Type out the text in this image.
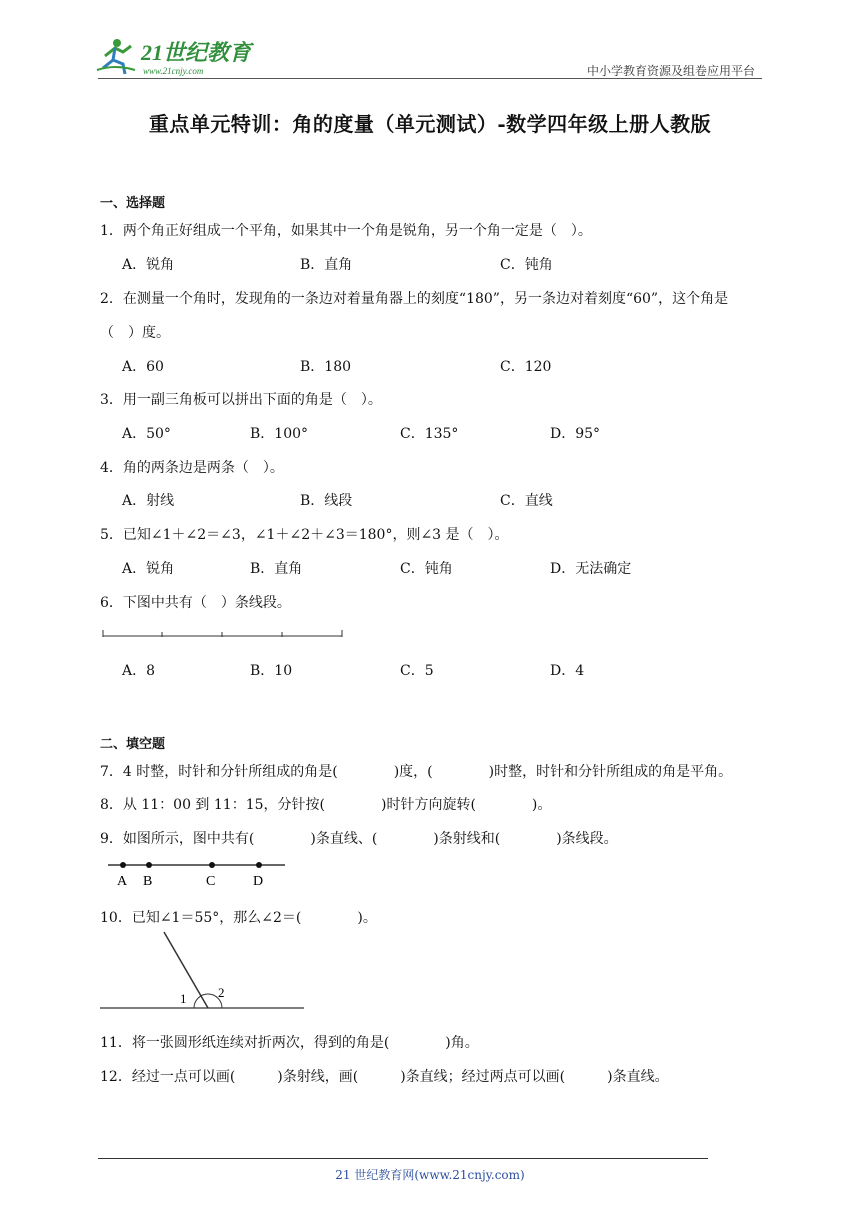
21世纪教育
www.21cnjy.com	中小学教育资源及组卷应用平台
重点单元特训：角的度量（单元测试）-数学四年级上册人教版
一、选择题
1．两个角正好组成一个平角，如果其中一个角是锐角，另一个角一定是（　）。
A．锐角	B．直角	C．钝角
2．在测量一个角时，发现角的一条边对着量角器上的刻度“180”，另一条边对着刻度“60”，这个角是
（　）度。
A．60	B．180	C．120
3．用一副三角板可以拼出下面的角是（　）。
A．50°	B．100°	C．135°	D．95°
4．角的两条边是两条（　）。
A．射线	B．线段	C．直线
5．已知∠1＋∠2＝∠3，∠1＋∠2＋∠3＝180°，则∠3 是（　）。
A．锐角	B．直角	C．钝角	D．无法确定
6．下图中共有（　）条线段。
A．8	B．10	C．5	D．4
二、填空题
7．4 时整，时针和分针所组成的角是(　　　　)度，(　　　　)时整，时针和分针所组成的角是平角。
8．从 11：00 到 11：15，分针按(　　　　)时针方向旋转(　　　　)。
9．如图所示，图中共有(　　　　)条直线、(　　　　)条射线和(　　　　)条线段。
A B	C	D
10．已知∠1＝55°，那么∠2＝(　　　　)。
1 2
11．将一张圆形纸连续对折两次，得到的角是(　　　　)角。
12．经过一点可以画(　　　)条射线，画(　　　)条直线；经过两点可以画(　　　)条直线。
21 世纪教育网(www.21cnjy.com)
